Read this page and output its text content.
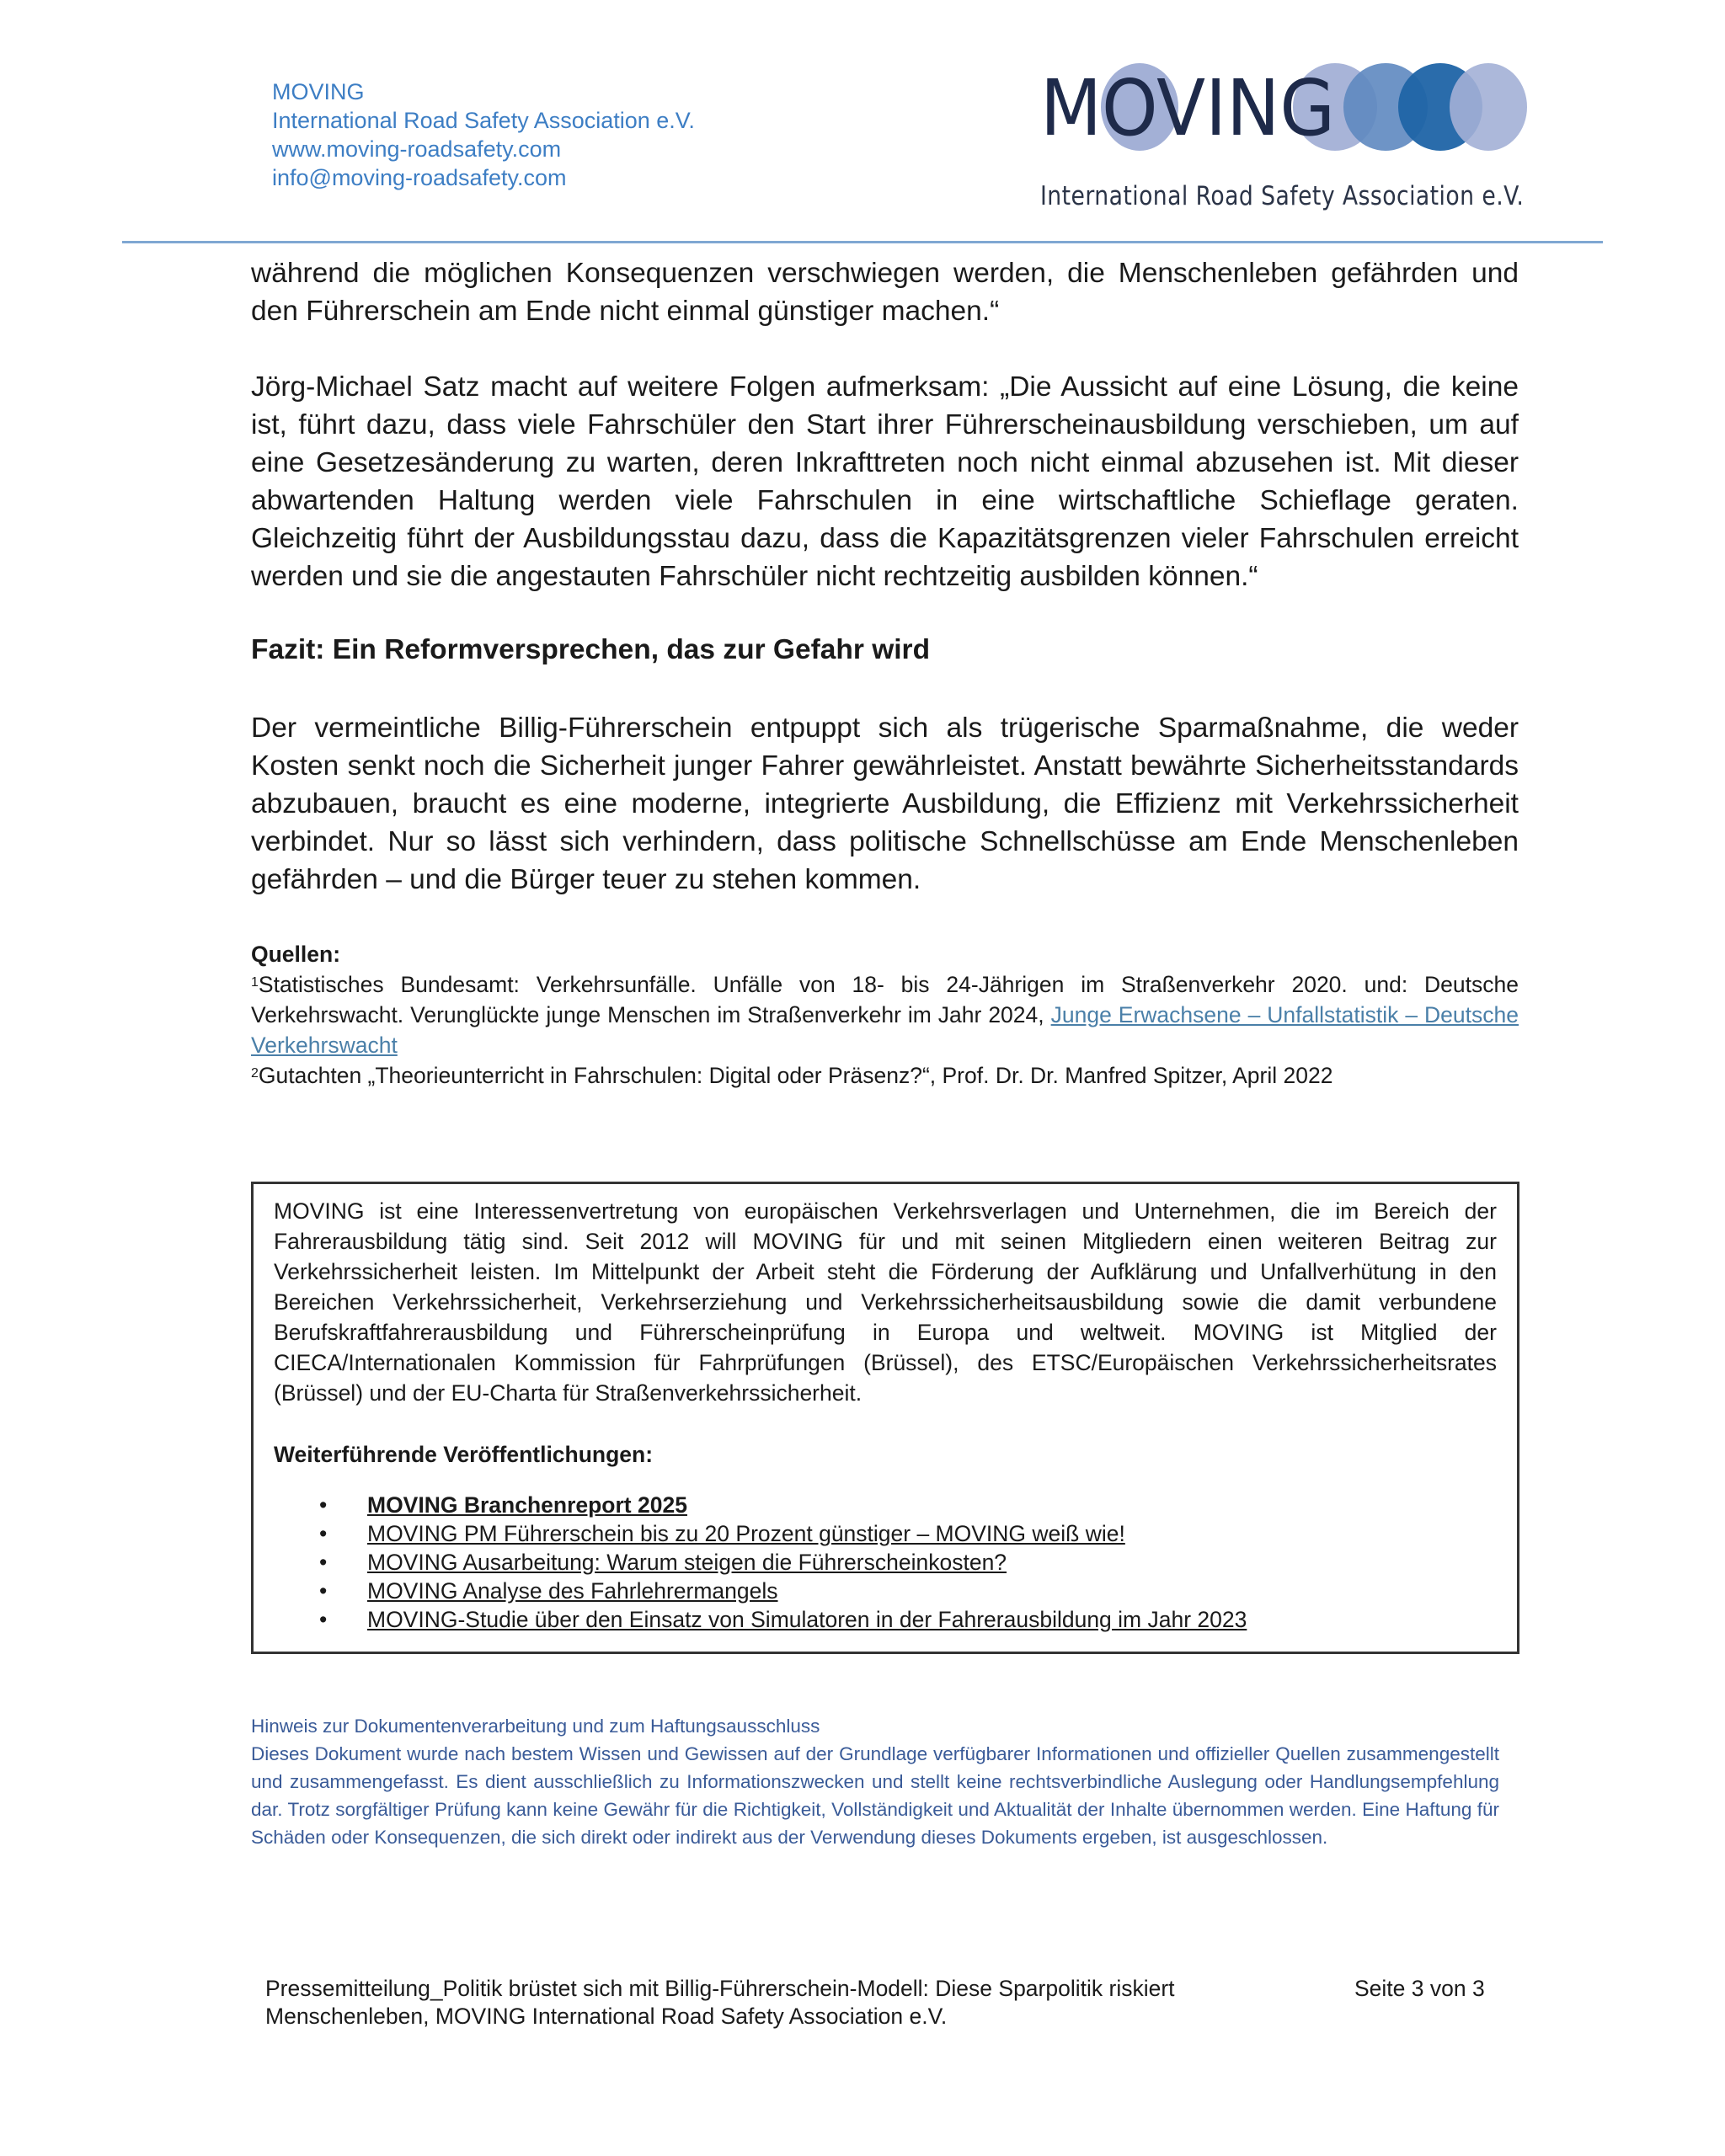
MOVING
International Road Safety Association e.V.
www.moving-roadsafety.com
info@moving-roadsafety.com
MOVING
International Road Safety Association e.V.

während die möglichen Konsequenzen verschwiegen werden, die Menschenleben gefährden und den Führerschein am Ende nicht einmal günstiger machen.“

Jörg-Michael Satz macht auf weitere Folgen aufmerksam: „Die Aussicht auf eine Lösung, die keine ist, führt dazu, dass viele Fahrschüler den Start ihrer Führerscheinausbildung verschieben, um auf eine Gesetzesänderung zu warten, deren Inkrafttreten noch nicht einmal abzusehen ist. Mit dieser abwartenden Haltung werden viele Fahrschulen in eine wirtschaftliche Schieflage geraten. Gleichzeitig führt der Ausbildungsstau dazu, dass die Kapazitätsgrenzen vieler Fahrschulen erreicht werden und sie die angestauten Fahrschüler nicht rechtzeitig ausbilden können.“

Fazit: Ein Reformversprechen, das zur Gefahr wird

Der vermeintliche Billig-Führerschein entpuppt sich als trügerische Sparmaßnahme, die weder Kosten senkt noch die Sicherheit junger Fahrer gewährleistet. Anstatt bewährte Sicherheitsstandards abzubauen, braucht es eine moderne, integrierte Ausbildung, die Effizienz mit Verkehrssicherheit verbindet. Nur so lässt sich verhindern, dass politische Schnellschüsse am Ende Menschenleben gefährden – und die Bürger teuer zu stehen kommen.

Quellen:
$^1$Statistisches Bundesamt: Verkehrsunfälle. Unfälle von 18- bis 24-Jährigen im Straßenverkehr 2020. und: Deutsche Verkehrswacht. Verunglückte junge Menschen im Straßenverkehr im Jahr 2024, Junge Erwachsene – Unfallstatistik – Deutsche Verkehrswacht
$^2$Gutachten „Theorieunterricht in Fahrschulen: Digital oder Präsenz?“, Prof. Dr. Dr. Manfred Spitzer, April 2022
MOVING ist eine Interessenvertretung von europäischen Verkehrsverlagen und Unternehmen, die im Bereich der Fahrerausbildung tätig sind. Seit 2012 will MOVING für und mit seinen Mitgliedern einen weiteren Beitrag zur Verkehrssicherheit leisten. Im Mittelpunkt der Arbeit steht die Förderung der Aufklärung und Unfallverhütung in den Bereichen Verkehrssicherheit, Verkehrserziehung und Verkehrssicherheitsausbildung sowie die damit verbundene Berufskraftfahrerausbildung und Führerscheinprüfung in Europa und weltweit. MOVING ist Mitglied der CIECA/Internationalen Kommission für Fahrprüfungen (Brüssel), des ETSC/Europäischen Verkehrssicherheitsrates (Brüssel) und der EU-Charta für Straßenverkehrssicherheit.
Weiterführende Veröffentlichungen:
• MOVING Branchenreport 2025
• MOVING PM Führerschein bis zu 20 Prozent günstiger – MOVING weiß wie!
• MOVING Ausarbeitung: Warum steigen die Führerscheinkosten?
• MOVING Analyse des Fahrlehrermangels
• MOVING-Studie über den Einsatz von Simulatoren in der Fahrerausbildung im Jahr 2023
Hinweis zur Dokumentenverarbeitung und zum Haftungsausschluss
Dieses Dokument wurde nach bestem Wissen und Gewissen auf der Grundlage verfügbarer Informationen und offizieller Quellen zusammengestellt und zusammengefasst. Es dient ausschließlich zu Informationszwecken und stellt keine rechtsverbindliche Auslegung oder Handlungsempfehlung dar. Trotz sorgfältiger Prüfung kann keine Gewähr für die Richtigkeit, Vollständigkeit und Aktualität der Inhalte übernommen werden. Eine Haftung für Schäden oder Konsequenzen, die sich direkt oder indirekt aus der Verwendung dieses Dokuments ergeben, ist ausgeschlossen.
Pressemitteilung_Politik brüstet sich mit Billig-Führerschein-Modell: Diese Sparpolitik riskiert
Menschenleben, MOVING International Road Safety Association e.V.
Seite 3 von 3
